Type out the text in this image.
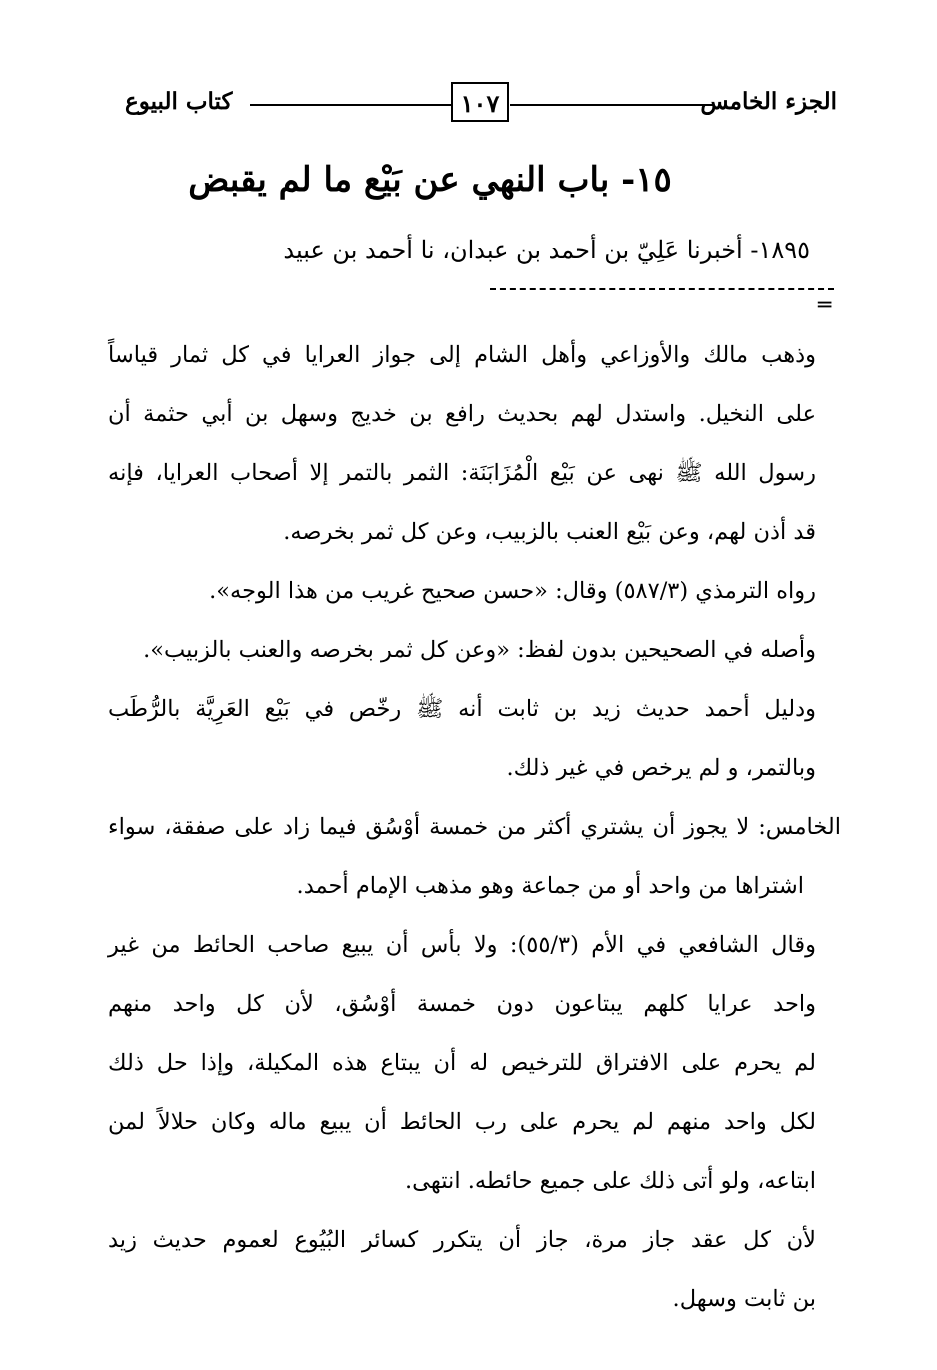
الجزء الخامس
١٠٧
كتاب البيوع
١٥- باب النهي عن بَيْع ما لم يقبض
١٨٩٥- أخبرنا عَلِيّ بن أحمد بن عبدان، نا أحمد بن عبيد
═
وذهب مالك والأوزاعي وأهل الشام إلى جواز العرايا في كل ثمار قياساً
على النخيل. واستدل لهم بحديث رافع بن خديج وسهل بن أبي حثمة أن
رسول الله ﷺ نهى عن بَيْع الْمُزَابَنَة: الثمر بالتمر إلا أصحاب العرايا، فإنه
قد أذن لهم، وعن بَيْع العنب بالزبيب، وعن كل ثمر بخرصه.
رواه الترمذي (٥٨٧/٣) وقال: «حسن صحيح غريب من هذا الوجه».
وأصله في الصحيحين بدون لفظ: «وعن كل ثمر بخرصه والعنب بالزبيب».
ودليل أحمد حديث زيد بن ثابت أنه ﷺ رخّص في بَيْع العَرِيَّة بالرُّطَب
وبالتمر، و لم يرخص في غير ذلك.
الخامس: لا يجوز أن يشتري أكثر من خمسة أوْسُق فيما زاد على صفقة، سواء
اشتراها من واحد أو من جماعة وهو مذهب الإمام أحمد.
وقال الشافعي في الأم (٥٥/٣): ولا بأس أن يبيع صاحب الحائط من غير
واحد عرايا كلهم يبتاعون دون خمسة أوْسُق، لأن كل واحد منهم
لم يحرم على الافتراق للترخيص له أن يبتاع هذه المكيلة، وإذا حل ذلك
لكل واحد منهم لم يحرم على رب الحائط أن يبيع ماله وكان حلالاً لمن
ابتاعه، ولو أتى ذلك على جميع حائطه. انتهى.
لأن كل عقد جاز مرة، جاز أن يتكرر كسائر البُيُوع لعموم حديث زيد
بن ثابت وسهل.
